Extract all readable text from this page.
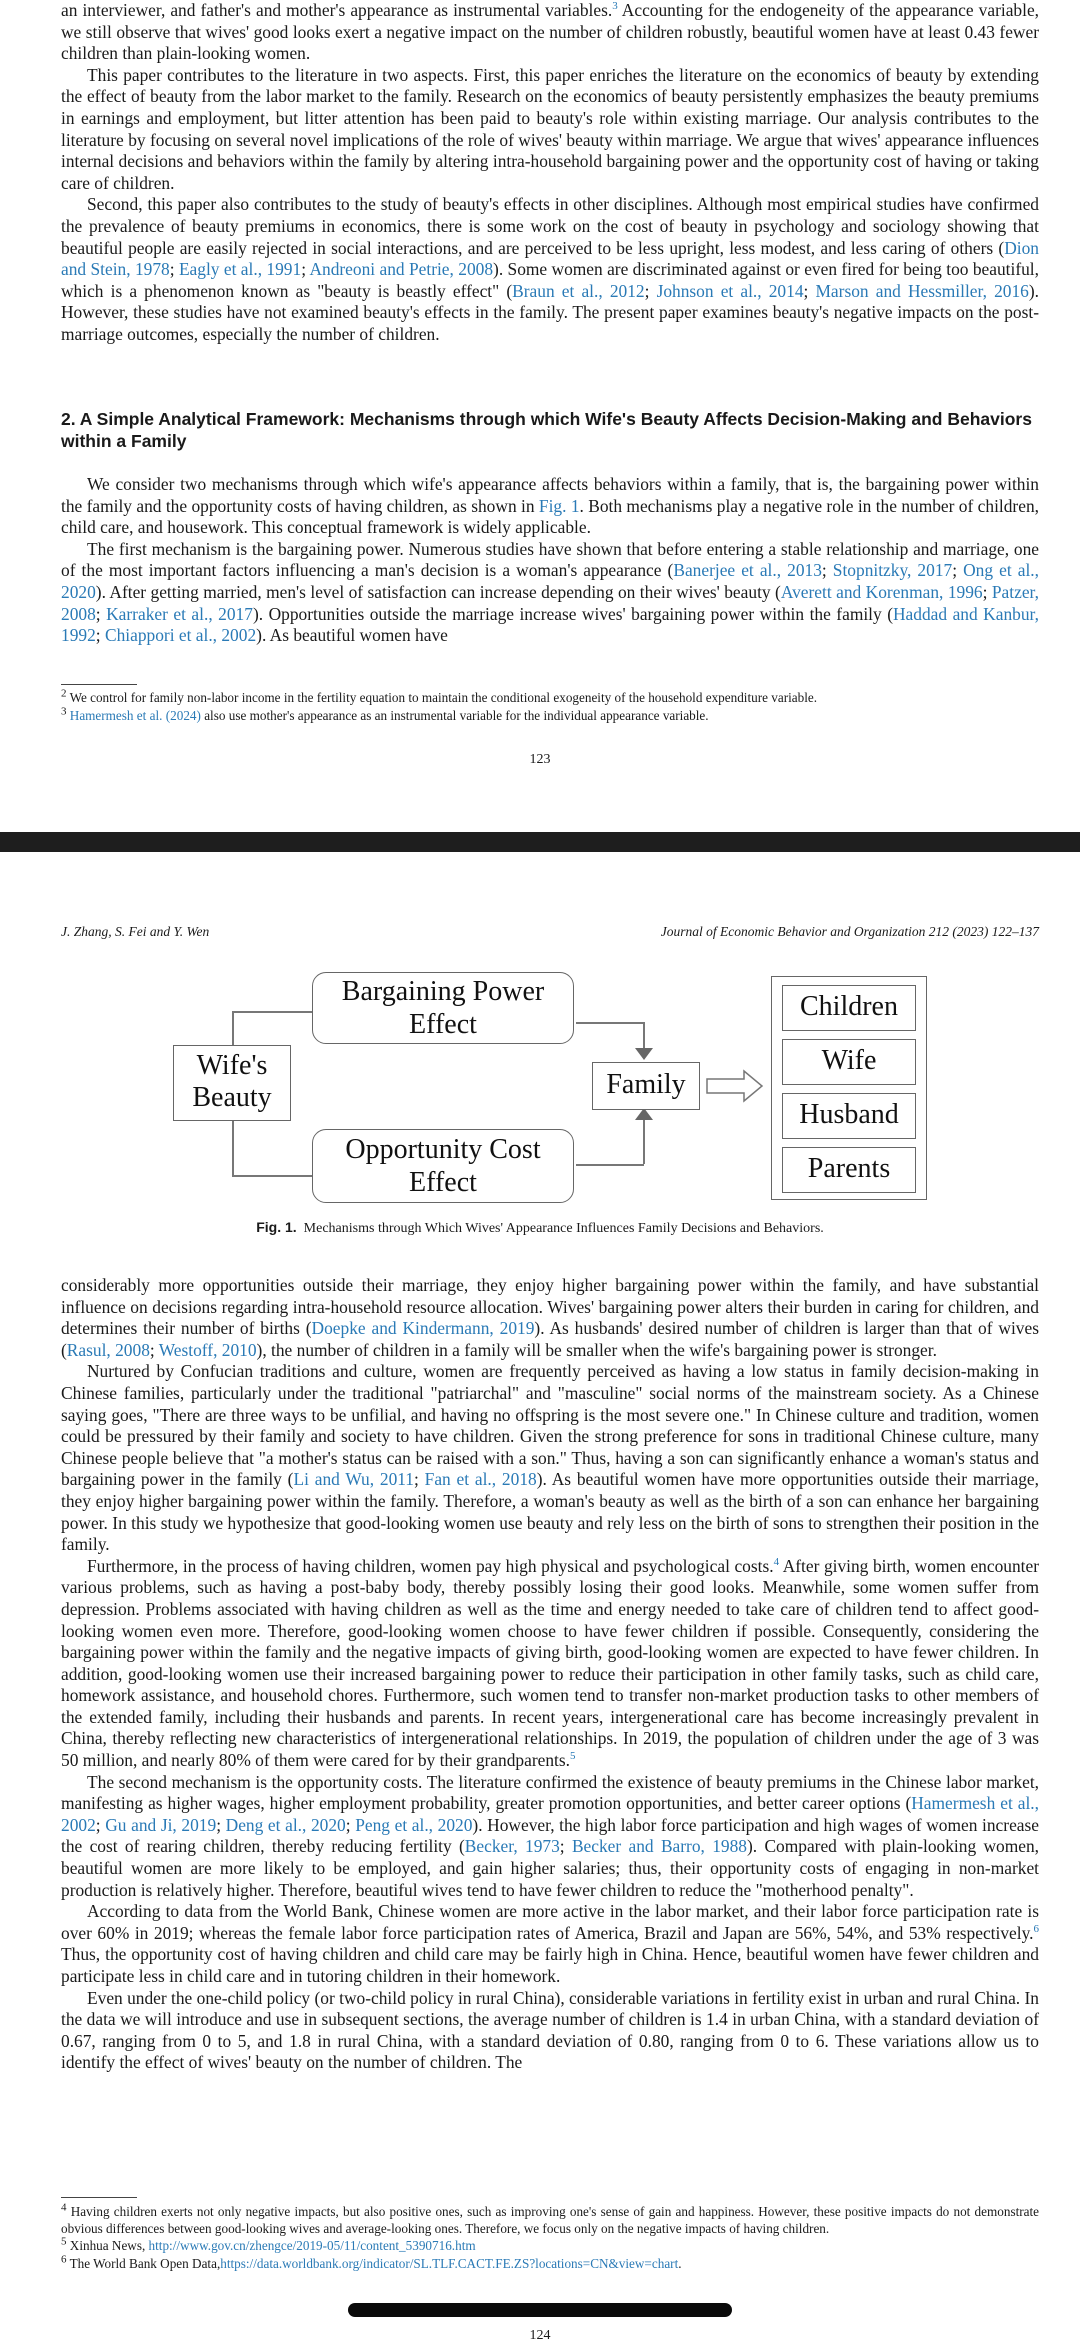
an interviewer, and father's and mother's appearance as instrumental variables.$^3$ Accounting for the endogeneity of the appearance variable, we still observe that wives' good looks exert a negative impact on the number of children robustly, beautiful women have at least 0.43 fewer children than plain-looking women.

This paper contributes to the literature in two aspects. First, this paper enriches the literature on the economics of beauty by extending the effect of beauty from the labor market to the family. Research on the economics of beauty persistently emphasizes the beauty premiums in earnings and employment, but litter attention has been paid to beauty's role within existing marriage. Our analysis contributes to the literature by focusing on several novel implications of the role of wives' beauty within marriage. We argue that wives' appearance influences internal decisions and behaviors within the family by altering intra-household bargaining power and the opportunity cost of having or taking care of children.

Second, this paper also contributes to the study of beauty's effects in other disciplines. Although most empirical studies have confirmed the prevalence of beauty premiums in economics, there is some work on the cost of beauty in psychology and sociology showing that beautiful people are easily rejected in social interactions, and are perceived to be less upright, less modest, and less caring of others (Dion and Stein, 1978; Eagly et al., 1991; Andreoni and Petrie, 2008). Some women are discriminated against or even fired for being too beautiful, which is a phenomenon known as "beauty is beastly effect" (Braun et al., 2012; Johnson et al., 2014; Marson and Hessmiller, 2016). However, these studies have not examined beauty's effects in the family. The present paper examines beauty's negative impacts on the post-marriage outcomes, especially the number of children.

2. A Simple Analytical Framework: Mechanisms through which Wife's Beauty Affects Decision-Making and Behaviors within a Family

We consider two mechanisms through which wife's appearance affects behaviors within a family, that is, the bargaining power within the family and the opportunity costs of having children, as shown in Fig. 1. Both mechanisms play a negative role in the number of children, child care, and housework. This conceptual framework is widely applicable.

The first mechanism is the bargaining power. Numerous studies have shown that before entering a stable relationship and marriage, one of the most important factors influencing a man's decision is a woman's appearance (Banerjee et al., 2013; Stopnitzky, 2017; Ong et al., 2020). After getting married, men's level of satisfaction can increase depending on their wives' beauty (Averett and Korenman, 1996; Patzer, 2008; Karraker et al., 2017). Opportunities outside the marriage increase wives' bargaining power within the family (Haddad and Kanbur, 1992; Chiappori et al., 2002). As beautiful women have

$^2$ We control for family non-labor income in the fertility equation to maintain the conditional exogeneity of the household expenditure variable.
$^3$ Hamermesh et al. (2024) also use mother's appearance as an instrumental variable for the individual appearance variable.
123
J. Zhang, S. Fei and Y. Wen	Journal of Economic Behavior and Organization 212 (2023) 122–137
Bargaining Power
Effect
Opportunity Cost
Effect
Wife's
Beauty	Family
Children
Wife
Husband
Parents
Fig. 1. Mechanisms through Which Wives' Appearance Influences Family Decisions and Behaviors.

considerably more opportunities outside their marriage, they enjoy higher bargaining power within the family, and have substantial influence on decisions regarding intra-household resource allocation. Wives' bargaining power alters their burden in caring for children, and determines their number of births (Doepke and Kindermann, 2019). As husbands' desired number of children is larger than that of wives (Rasul, 2008; Westoff, 2010), the number of children in a family will be smaller when the wife's bargaining power is stronger.

Nurtured by Confucian traditions and culture, women are frequently perceived as having a low status in family decision-making in Chinese families, particularly under the traditional "patriarchal" and "masculine" social norms of the mainstream society. As a Chinese saying goes, "There are three ways to be unfilial, and having no offspring is the most severe one." In Chinese culture and tradition, women could be pressured by their family and society to have children. Given the strong preference for sons in traditional Chinese culture, many Chinese people believe that "a mother's status can be raised with a son." Thus, having a son can significantly enhance a woman's status and bargaining power in the family (Li and Wu, 2011; Fan et al., 2018). As beautiful women have more opportunities outside their marriage, they enjoy higher bargaining power within the family. Therefore, a woman's beauty as well as the birth of a son can enhance her bargaining power. In this study we hypothesize that good-looking women use beauty and rely less on the birth of sons to strengthen their position in the family.

Furthermore, in the process of having children, women pay high physical and psychological costs.$^4$ After giving birth, women encounter various problems, such as having a post-baby body, thereby possibly losing their good looks. Meanwhile, some women suffer from depression. Problems associated with having children as well as the time and energy needed to take care of children tend to affect good-looking women even more. Therefore, good-looking women choose to have fewer children if possible. Consequently, considering the bargaining power within the family and the negative impacts of giving birth, good-looking women are expected to have fewer children. In addition, good-looking women use their increased bargaining power to reduce their participation in other family tasks, such as child care, homework assistance, and household chores. Furthermore, such women tend to transfer non-market production tasks to other members of the extended family, including their husbands and parents. In recent years, intergenerational care has become increasingly prevalent in China, thereby reflecting new characteristics of intergenerational relationships. In 2019, the population of children under the age of 3 was 50 million, and nearly 80% of them were cared for by their grandparents.$^5$

The second mechanism is the opportunity costs. The literature confirmed the existence of beauty premiums in the Chinese labor market, manifesting as higher wages, higher employment probability, greater promotion opportunities, and better career options (Hamermesh et al., 2002; Gu and Ji, 2019; Deng et al., 2020; Peng et al., 2020). However, the high labor force participation and high wages of women increase the cost of rearing children, thereby reducing fertility (Becker, 1973; Becker and Barro, 1988). Compared with plain-looking women, beautiful women are more likely to be employed, and gain higher salaries; thus, their opportunity costs of engaging in non-market production is relatively higher. Therefore, beautiful wives tend to have fewer children to reduce the "motherhood penalty".

According to data from the World Bank, Chinese women are more active in the labor market, and their labor force participation rate is over 60% in 2019; whereas the female labor force participation rates of America, Brazil and Japan are 56%, 54%, and 53% respectively.$^6$ Thus, the opportunity cost of having children and child care may be fairly high in China. Hence, beautiful women have fewer children and participate less in child care and in tutoring children in their homework.

Even under the one-child policy (or two-child policy in rural China), considerable variations in fertility exist in urban and rural China. In the data we will introduce and use in subsequent sections, the average number of children is 1.4 in urban China, with a standard deviation of 0.67, ranging from 0 to 5, and 1.8 in rural China, with a standard deviation of 0.80, ranging from 0 to 6. These variations allow us to identify the effect of wives' beauty on the number of children. The

$^4$ Having children exerts not only negative impacts, but also positive ones, such as improving one's sense of gain and happiness. However, these positive impacts do not demonstrate obvious differences between good-looking wives and average-looking ones. Therefore, we focus only on the negative impacts of having children.
$^5$ Xinhua News, http://www.gov.cn/zhengce/2019-05/11/content_5390716.htm
$^6$ The World Bank Open Data,https://data.worldbank.org/indicator/SL.TLF.CACT.FE.ZS?locations=CN&view=chart.
124
